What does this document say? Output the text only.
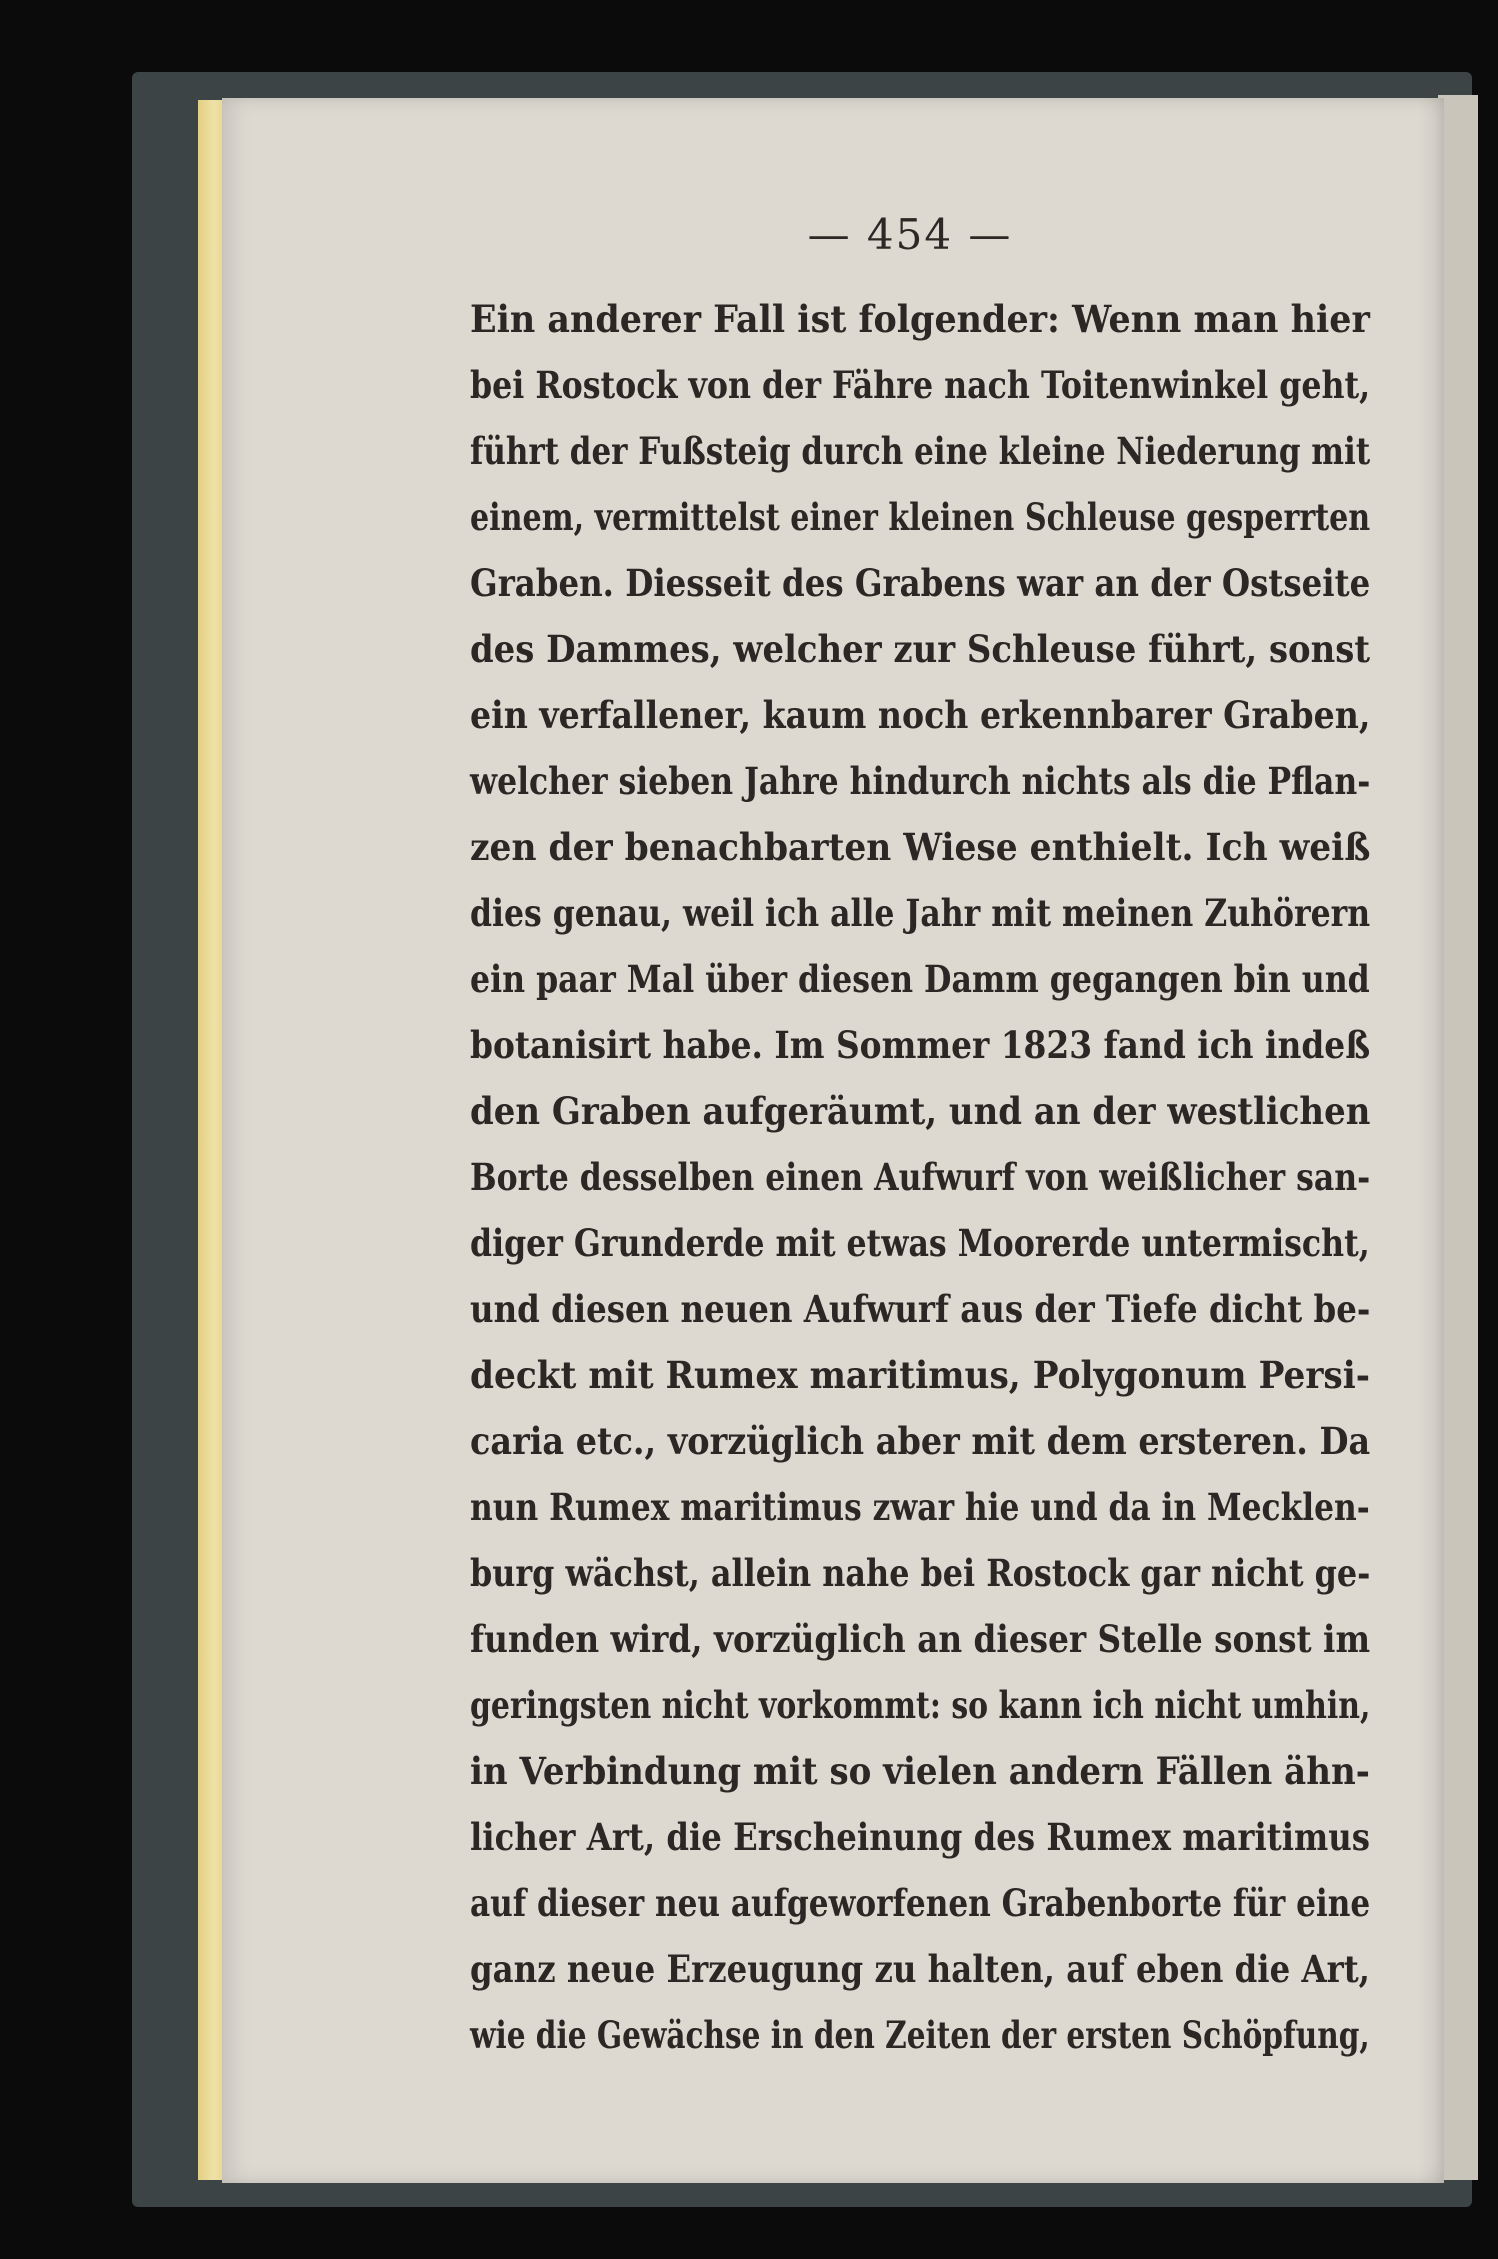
— 454 —
Ein anderer Fall ist folgender: Wenn man hier
bei Rostock von der Fähre nach Toitenwinkel geht,
führt der Fußsteig durch eine kleine Niederung mit
einem, vermittelst einer kleinen Schleuse gesperrten
Graben. Diesseit des Grabens war an der Ostseite
des Dammes, welcher zur Schleuse führt, sonst
ein verfallener, kaum noch erkennbarer Graben,
welcher sieben Jahre hindurch nichts als die Pflan-
zen der benachbarten Wiese enthielt. Ich weiß
dies genau, weil ich alle Jahr mit meinen Zuhörern
ein paar Mal über diesen Damm gegangen bin und
botanisirt habe. Im Sommer 1823 fand ich indeß
den Graben aufgeräumt, und an der westlichen
Borte desselben einen Aufwurf von weißlicher san-
diger Grunderde mit etwas Moorerde untermischt,
und diesen neuen Aufwurf aus der Tiefe dicht be-
deckt mit Rumex maritimus, Polygonum Persi-
caria etc., vorzüglich aber mit dem ersteren. Da
nun Rumex maritimus zwar hie und da in Mecklen-
burg wächst, allein nahe bei Rostock gar nicht ge-
funden wird, vorzüglich an dieser Stelle sonst im
geringsten nicht vorkommt: so kann ich nicht umhin,
in Verbindung mit so vielen andern Fällen ähn-
licher Art, die Erscheinung des Rumex maritimus
auf dieser neu aufgeworfenen Grabenborte für eine
ganz neue Erzeugung zu halten, auf eben die Art,
wie die Gewächse in den Zeiten der ersten Schöpfung,
